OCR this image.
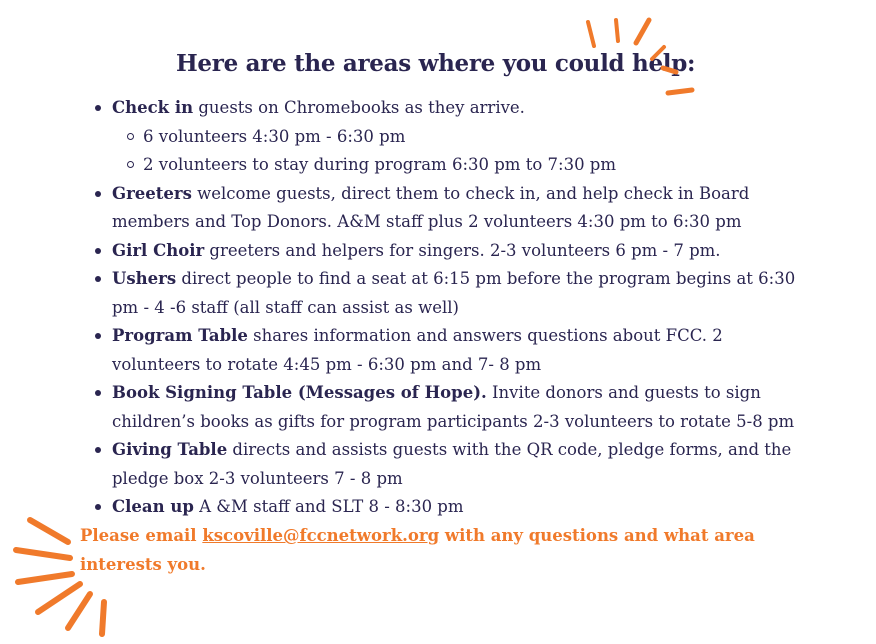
Here are the areas where you could help:
Check in guests on Chromebooks as they arrive.
6 volunteers 4:30 pm - 6:30 pm
2 volunteers to stay during program 6:30 pm to 7:30 pm
Greeters welcome guests, direct them to check in, and help check in Board members and Top Donors. A&M staff plus 2 volunteers 4:30 pm to 6:30 pm
Girl Choir greeters and helpers for singers. 2-3 volunteers 6 pm - 7 pm.
Ushers direct people to find a seat at 6:15 pm before the program begins at 6:30 pm - 4 -6 staff (all staff can assist as well)
Program Table shares information and answers questions about FCC. 2 volunteers to rotate 4:45 pm - 6:30 pm and 7- 8 pm
Book Signing Table (Messages of Hope). Invite donors and guests to sign children’s books as gifts for program participants 2-3 volunteers to rotate 5-8 pm
Giving Table directs and assists guests with the QR code, pledge forms, and the pledge box 2-3 volunteers 7 - 8 pm
Clean up A &M staff and SLT 8 - 8:30 pm

Please email kscoville@fccnetwork.org with any questions and what area interests you.
